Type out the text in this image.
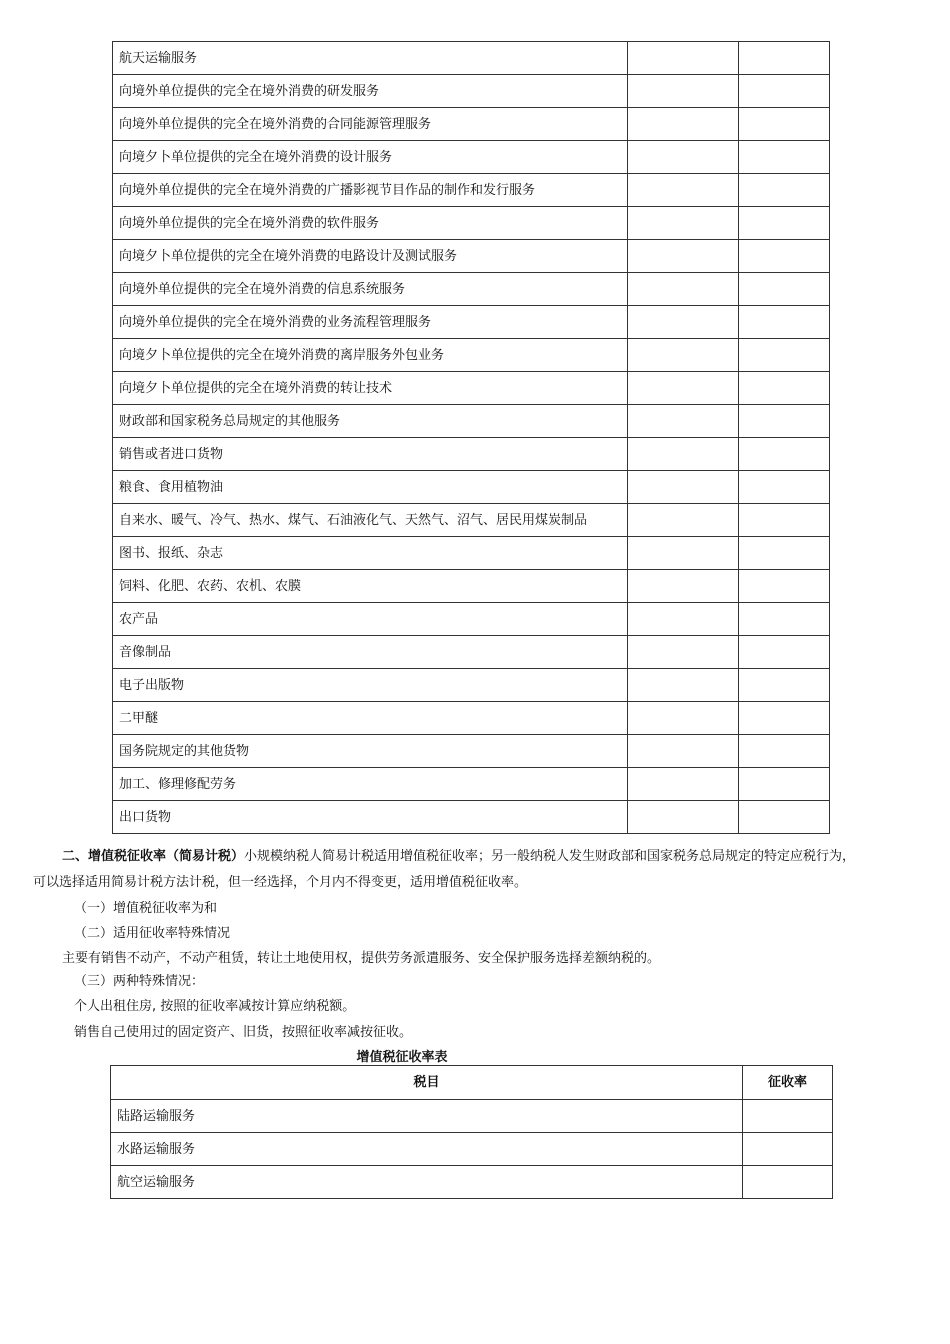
航天运输服务		
向境外单位提供的完全在境外消费的研发服务		
向境外单位提供的完全在境外消费的合同能源管理服务		
向境夕卜单位提供的完全在境外消费的设计服务		
向境外单位提供的完全在境外消费的广播影视节目作品的制作和发行服务		
向境外单位提供的完全在境外消费的软件服务		
向境夕卜单位提供的完全在境外消费的电路设计及测试服务		
向境外单位提供的完全在境外消费的信息系统服务		
向境外单位提供的完全在境外消费的业务流程管理服务		
向境夕卜单位提供的完全在境外消费的离岸服务外包业务		
向境夕卜单位提供的完全在境外消费的转让技术		
财政部和国家税务总局规定的其他服务		
销售或者进口货物		
粮食、食用植物油		
自来水、暖气、冷气、热水、煤气、石油液化气、天然气、沼气、居民用煤炭制品		
图书、报纸、杂志		
饲料、化肥、农药、农机、农膜		
农产品		
音像制品		
电子出版物		
二甲醚		
国务院规定的其他货物		
加工、修理修配劳务		
出口货物		
二、增值税征收率（简易计税）小规模纳税人简易计税适用增值税征收率；另一般纳税人发生财政部和国家税务总局规定的特定应税行为，
可以选择适用简易计税方法计税，但一经选择，个月内不得变更，适用增值税征收率。
（一）增值税征收率为和
（二）适用征收率特殊情况
主要有销售不动产，不动产租赁，转让土地使用权，提供劳务派遣服务、安全保护服务选择差额纳税的。
（三）两种特殊情况：
个人出租住房, 按照的征收率减按计算应纳税额。
销售自己使用过的固定资产、旧货，按照征收率减按征收。
增值税征收率表
税目	征收率
陆路运输服务	
水路运输服务	
航空运输服务	
